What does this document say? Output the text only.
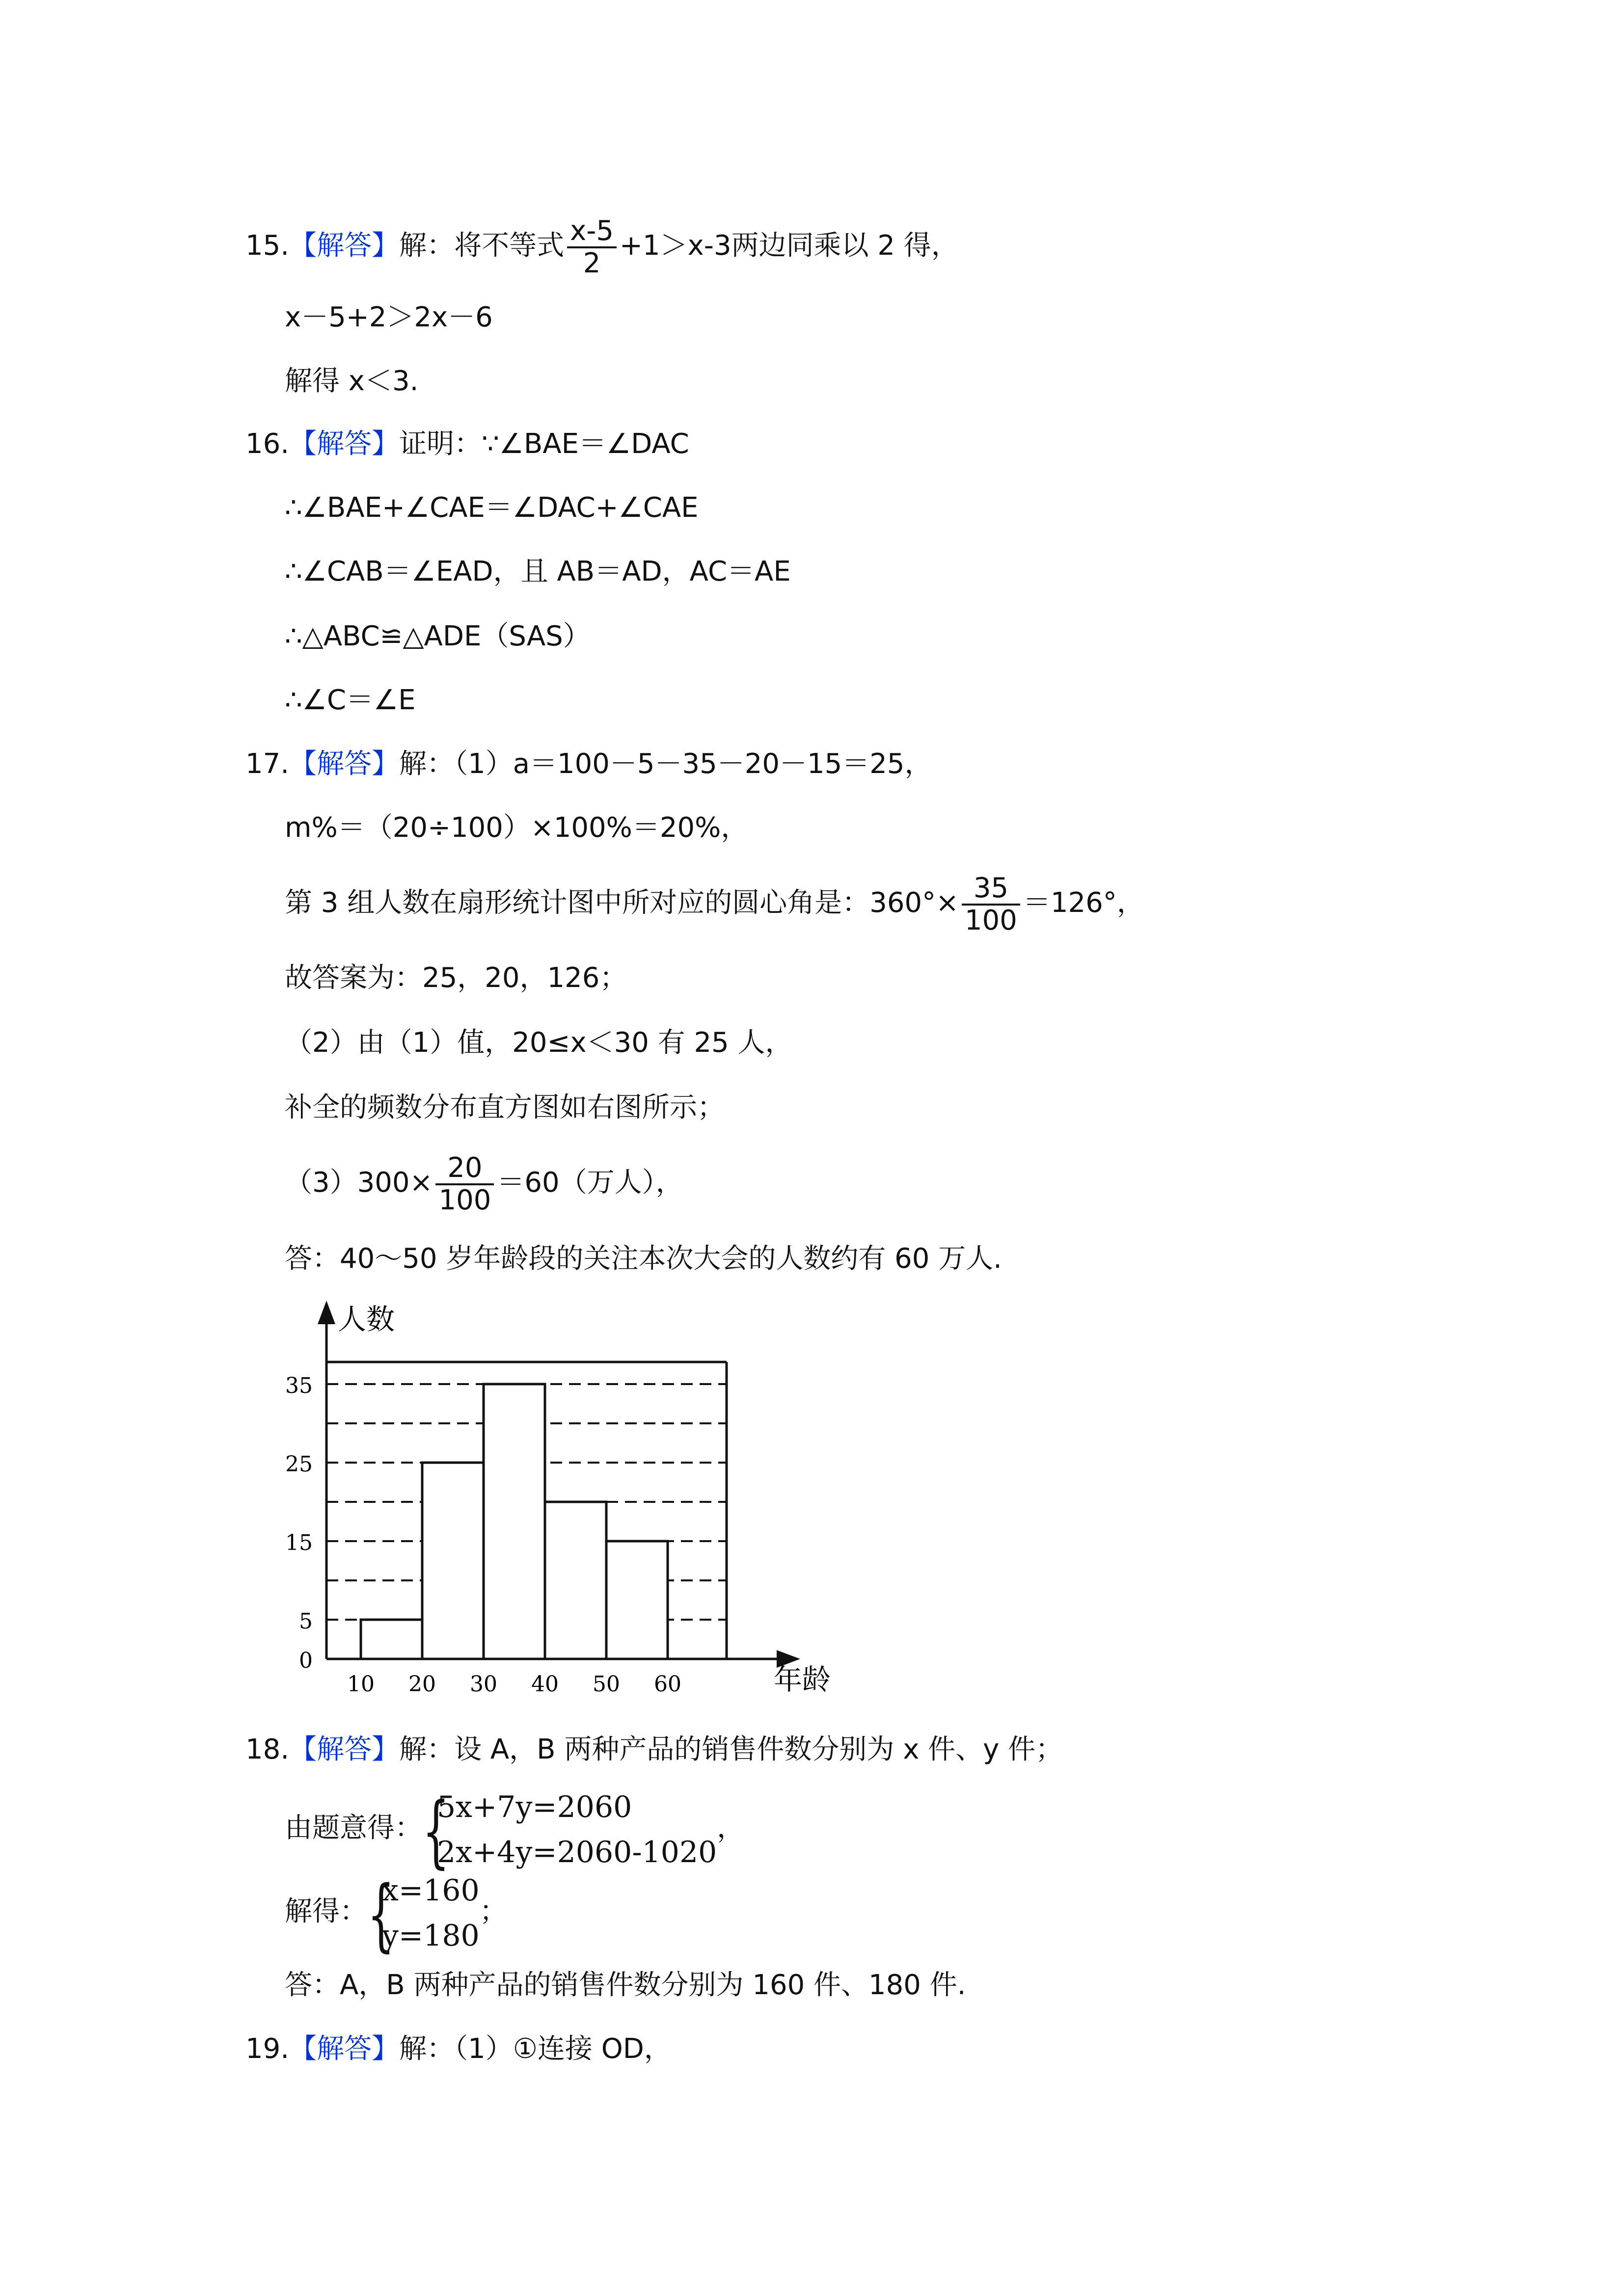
15.【解答】解：将不等式 $\frac{x-5}{2} +1>x-3$两边同乘以 2 得，
x－5+2＞2x－6
解得 x＜3.
16.【解答】证明：∵∠BAE＝∠DAC
∴∠BAE+∠CAE＝∠DAC+∠CAE
∴∠CAB＝∠EAD，且 AB＝AD，AC＝AE
∴△ABC≌△ADE（SAS）
∴∠C＝∠E
17.【解答】解：（1）a＝100－5－35－20－15＝25，
m%＝（20÷100）×100%＝20%，
第 3 组人数在扇形统计图中所对应的圆心角是：$360^\circ\times \frac{35}{100} =126^\circ$，
故答案为：25，20，126；
（2）由（1）值，20≤x＜30 有 25 人，
补全的频数分布直方图如右图所示；
$(3)300\times \frac{20}{100} =60$（万人），
答：40～50 岁年龄段的关注本次大会的人数约有 60 万人.
0
5
15
25
35
10 20 30 40 50 60
人数
年龄
18.【解答】解：设 A，B 两种产品的销售件数分别为 x 件、y 件；
由题意得： {
5x+7y=2060
2x+4y=2060-1020
，
解得： {
x=160
y=180
；
答：A，B 两种产品的销售件数分别为 160 件、180 件.
19.【解答】解：（1）①连接 OD，
